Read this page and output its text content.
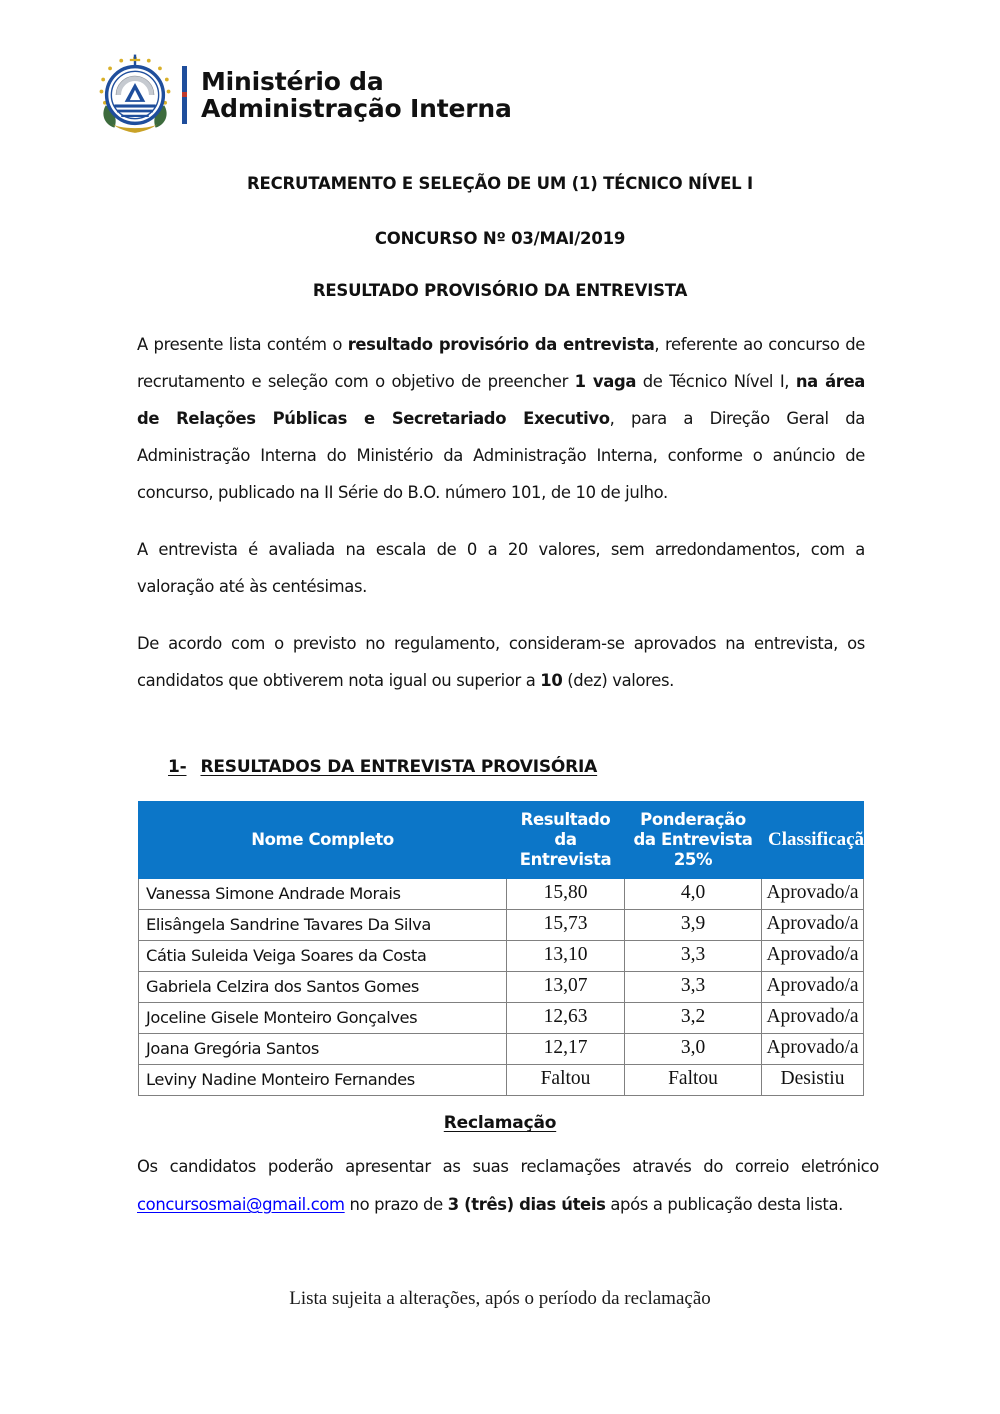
Ministério da
Administração Interna
RECRUTAMENTO E SELEÇÃO DE UM (1) TÉCNICO NÍVEL I
CONCURSO Nº 03/MAI/2019
RESULTADO PROVISÓRIO DA ENTREVISTA

A presente lista contém o resultado provisório da entrevista, referente ao concurso de recrutamento e seleção com o objetivo de preencher 1 vaga de Técnico Nível I, na área de Relações Públicas e Secretariado Executivo, para a Direção Geral da Administração Interna do Ministério da Administração Interna, conforme o anúncio de concurso, publicado na II Série do B.O. número 101, de 10 de julho.

A entrevista é avaliada na escala de 0 a 20 valores, sem arredondamentos, com a valoração até às centésimas.

De acordo com o previsto no regulamento, consideram-se aprovados na entrevista, os candidatos que obtiverem nota igual ou superior a 10 (dez) valores.

1- RESULTADOS DA ENTREVISTA PROVISÓRIA
Nome Completo	Resultado da Entrevista	Ponderação da Entrevista 25%	Classificação
Vanessa Simone Andrade Morais	15,80	4,0	Aprovado/a
Elisângela Sandrine Tavares Da Silva	15,73	3,9	Aprovado/a
Cátia Suleida Veiga Soares da Costa	13,10	3,3	Aprovado/a
Gabriela Celzira dos Santos Gomes	13,07	3,3	Aprovado/a
Joceline Gisele Monteiro Gonçalves	12,63	3,2	Aprovado/a
Joana Gregória Santos	12,17	3,0	Aprovado/a
Leviny Nadine Monteiro Fernandes	Faltou	Faltou	Desistiu
Reclamação

Os candidatos poderão apresentar as suas reclamações através do correio eletrónico concursosmai@gmail.com no prazo de 3 (três) dias úteis após a publicação desta lista.

Lista sujeita a alterações, após o período da reclamação
